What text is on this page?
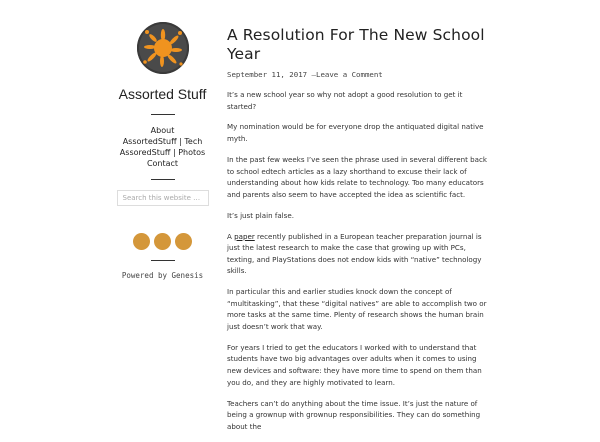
Assorted Stuff
About
AssortedStuff | Tech
AssoredStuff | Photos
Contact
Search this website …
Powered by Genesis
A Resolution For The New School Year
September 11, 2017 —Leave a Comment

It’s a new school year so why not adopt a good resolution to get it started?

My nomination would be for everyone drop the antiquated digital native myth.

In the past few weeks I’ve seen the phrase used in several different back to school edtech articles as a lazy shorthand to excuse their lack of understanding about how kids relate to technology. Too many educators and parents also seem to have accepted the idea as scientific fact.

It’s just plain false.

A paper recently published in a European teacher preparation journal is just the latest research to make the case that growing up with PCs, texting, and PlayStations does not endow kids with “native” technology skills.

In particular this and earlier studies knock down the concept of “multitasking”, that these “digital natives” are able to accomplish two or more tasks at the same time. Plenty of research shows the human brain just doesn’t work that way.

For years I tried to get the educators I worked with to understand that students have two big advantages over adults when it comes to using new devices and software: they have more time to spend on them than you do, and they are highly motivated to learn.

Teachers can’t do anything about the time issue. It’s just the nature of being a grownup with grownup responsibilities. They can do something about the
